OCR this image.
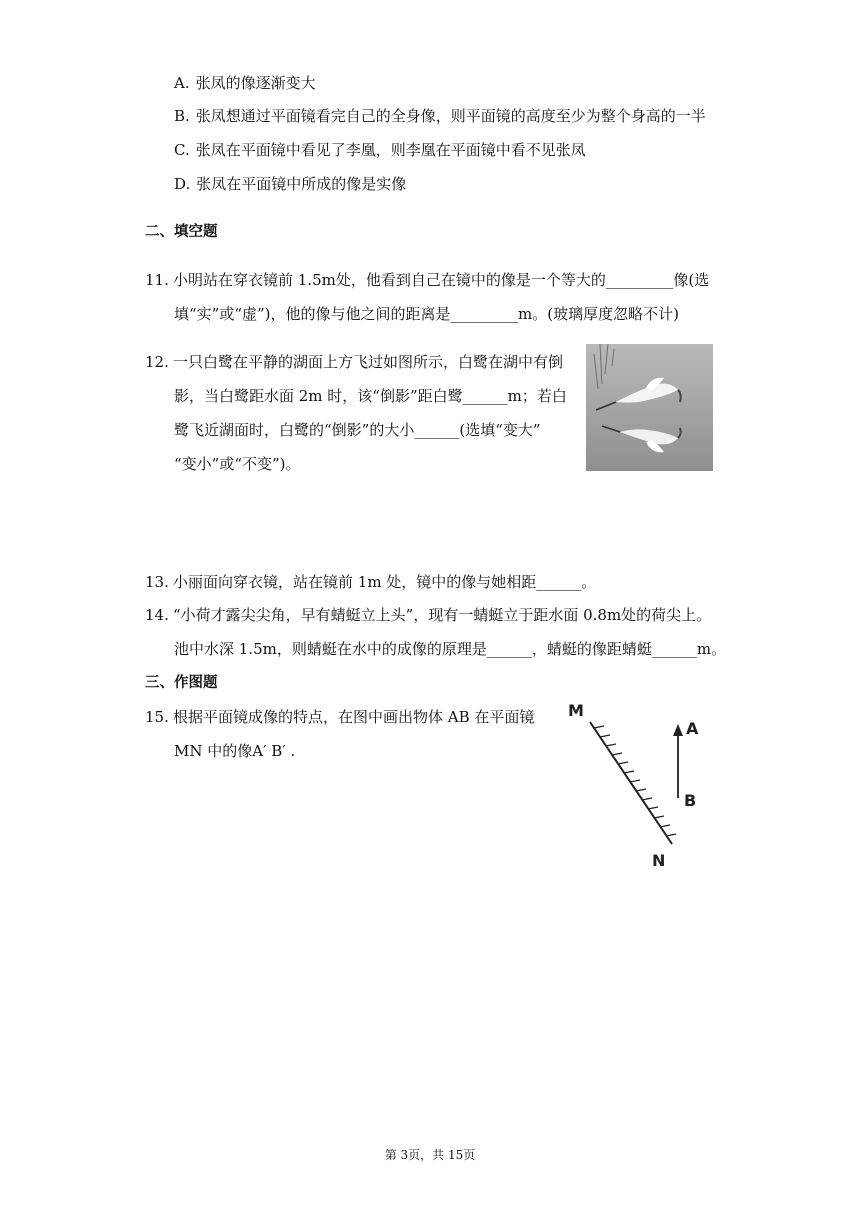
A. 张凤的像逐渐变大
B. 张凤想通过平面镜看完自己的全身像，则平面镜的高度至少为整个身高的一半
C. 张凤在平面镜中看见了李凰，则李凰在平面镜中看不见张凤
D. 张凤在平面镜中所成的像是实像
二、填空题
11. 小明站在穿衣镜前 1.5m处，他看到自己在镜中的像是一个等大的_________像(选
填“实”或“虚”)，他的像与他之间的距离是_________m。(玻璃厚度忽略不计)
12. 一只白鹭在平静的湖面上方飞过如图所示，白鹭在湖中有倒
影，当白鹭距水面 2m 时，该“倒影”距白鹭______m；若白
鹭飞近湖面时，白鹭的“倒影”的大小______(选填“变大”
“变小”或“不变”)。
13. 小丽面向穿衣镜，站在镜前 1m 处，镜中的像与她相距______。
14. “小荷才露尖尖角，早有蜻蜓立上头”，现有一蜻蜓立于距水面 0.8m处的荷尖上。
池中水深 1.5m，则蜻蜓在水中的成像的原理是______，蜻蜓的像距蜻蜓______m。
三、作图题
15. 根据平面镜成像的特点，在图中画出物体 AB 在平面镜
MN 中的像A′ B′ .
M
N
A
B
第 3页，共 15页
